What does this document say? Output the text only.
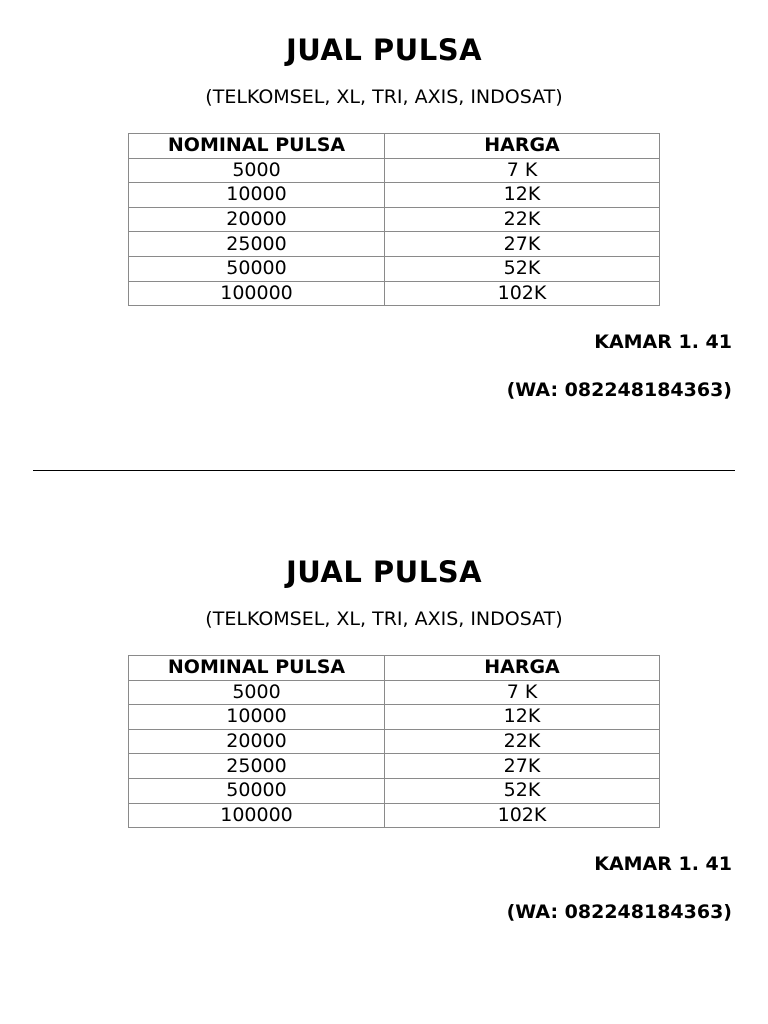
JUAL PULSA
(TELKOMSEL, XL, TRI, AXIS, INDOSAT)
NOMINAL PULSA	HARGA
5000	7 K
10000	12K
20000	22K
25000	27K
50000	52K
100000	102K
KAMAR 1. 41
(WA: 082248184363)
JUAL PULSA
(TELKOMSEL, XL, TRI, AXIS, INDOSAT)
NOMINAL PULSA	HARGA
5000	7 K
10000	12K
20000	22K
25000	27K
50000	52K
100000	102K
KAMAR 1. 41
(WA: 082248184363)
